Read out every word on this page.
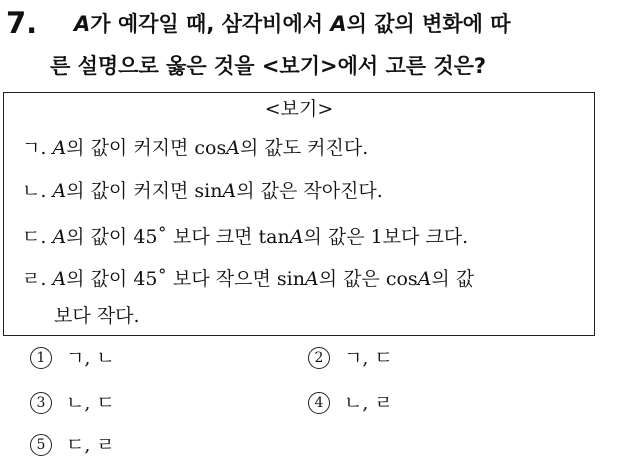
7. A가 예각일 때, 삼각비에서 A의 값의 변화에 따
른 설명으로 옳은 것을 <보기>에서 고른 것은?
<보기>
ㄱ. A의 값이 커지면 cosA의 값도 커진다.
ㄴ. A의 값이 커지면 sinA의 값은 작아진다.
ㄷ. A의 값이 45˚ 보다 크면 tanA의 값은 1보다 크다.
ㄹ. A의 값이 45˚ 보다 작으면 sinA의 값은 cosA의 값
보다 작다.
1	ㄱ, ㄴ	2	ㄱ, ㄷ
3	ㄴ, ㄷ	4	ㄴ, ㄹ
5	ㄷ, ㄹ
